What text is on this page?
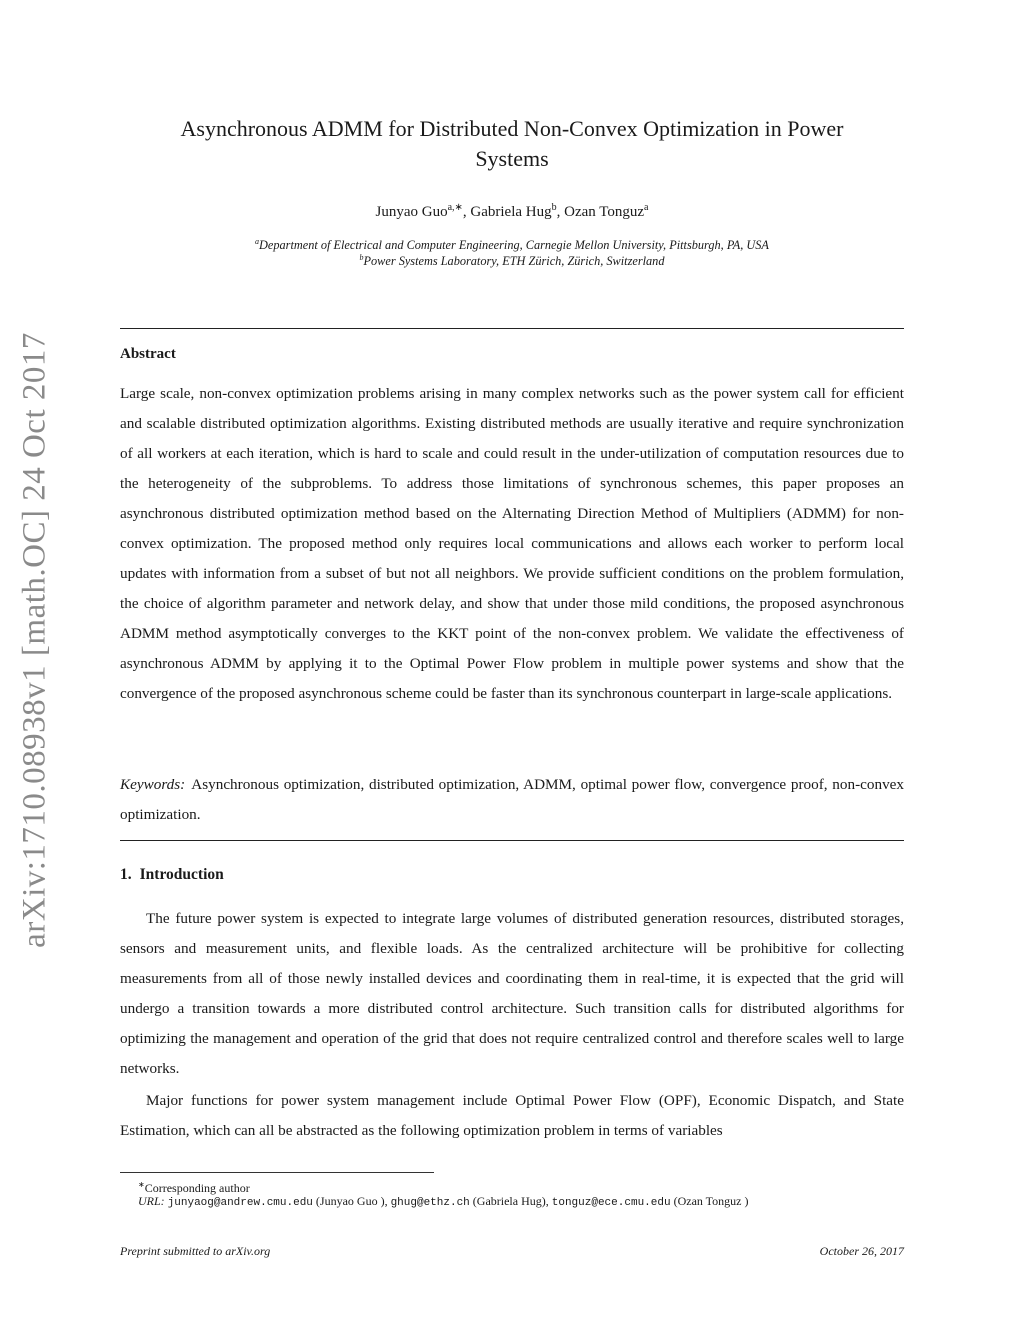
arXiv:1710.08938v1 [math.OC] 24 Oct 2017
Asynchronous ADMM for Distributed Non-Convex Optimization in Power
Systems
Junyao Guo$^{a,∗}$, Gabriela Hug$^b$, Ozan Tonguz$^a$
$^a$Department of Electrical and Computer Engineering, Carnegie Mellon University, Pittsburgh, PA, USA
$^b$Power Systems Laboratory, ETH Zürich, Zürich, Switzerland
Abstract
Large scale, non-convex optimization problems arising in many complex networks such as the power system call for efficient and scalable distributed optimization algorithms. Existing distributed methods are usually iterative and require synchronization of all workers at each iteration, which is hard to scale and could result in the under-utilization of computation resources due to the heterogeneity of the subproblems. To address those limitations of synchronous schemes, this paper proposes an asynchronous distributed optimization method based on the Alternating Direction Method of Multipliers (ADMM) for non-convex optimization. The proposed method only requires local communications and allows each worker to perform local updates with information from a subset of but not all neighbors. We provide sufficient conditions on the problem formulation, the choice of algorithm parameter and network delay, and show that under those mild conditions, the proposed asynchronous ADMM method asymptotically converges to the KKT point of the non-convex problem. We validate the effectiveness of asynchronous ADMM by applying it to the Optimal Power Flow problem in multiple power systems and show that the convergence of the proposed asynchronous scheme could be faster than its synchronous counterpart in large-scale applications.
Keywords: Asynchronous optimization, distributed optimization, ADMM, optimal power flow, convergence proof, non-convex optimization.
1. Introduction
The future power system is expected to integrate large volumes of distributed generation resources, distributed storages, sensors and measurement units, and flexible loads. As the centralized architecture will be prohibitive for collecting measurements from all of those newly installed devices and coordinating them in real-time, it is expected that the grid will undergo a transition towards a more distributed control architecture. Such transition calls for distributed algorithms for optimizing the management and operation of the grid that does not require centralized control and therefore scales well to large networks.
Major functions for power system management include Optimal Power Flow (OPF), Economic Dispatch, and State Estimation, which can all be abstracted as the following optimization problem in terms of variables
∗Corresponding author
URL: junyaog@andrew.cmu.edu (Junyao Guo ), ghug@ethz.ch (Gabriela Hug), tonguz@ece.cmu.edu (Ozan Tonguz )
Preprint submitted to arXiv.org	October 26, 2017
